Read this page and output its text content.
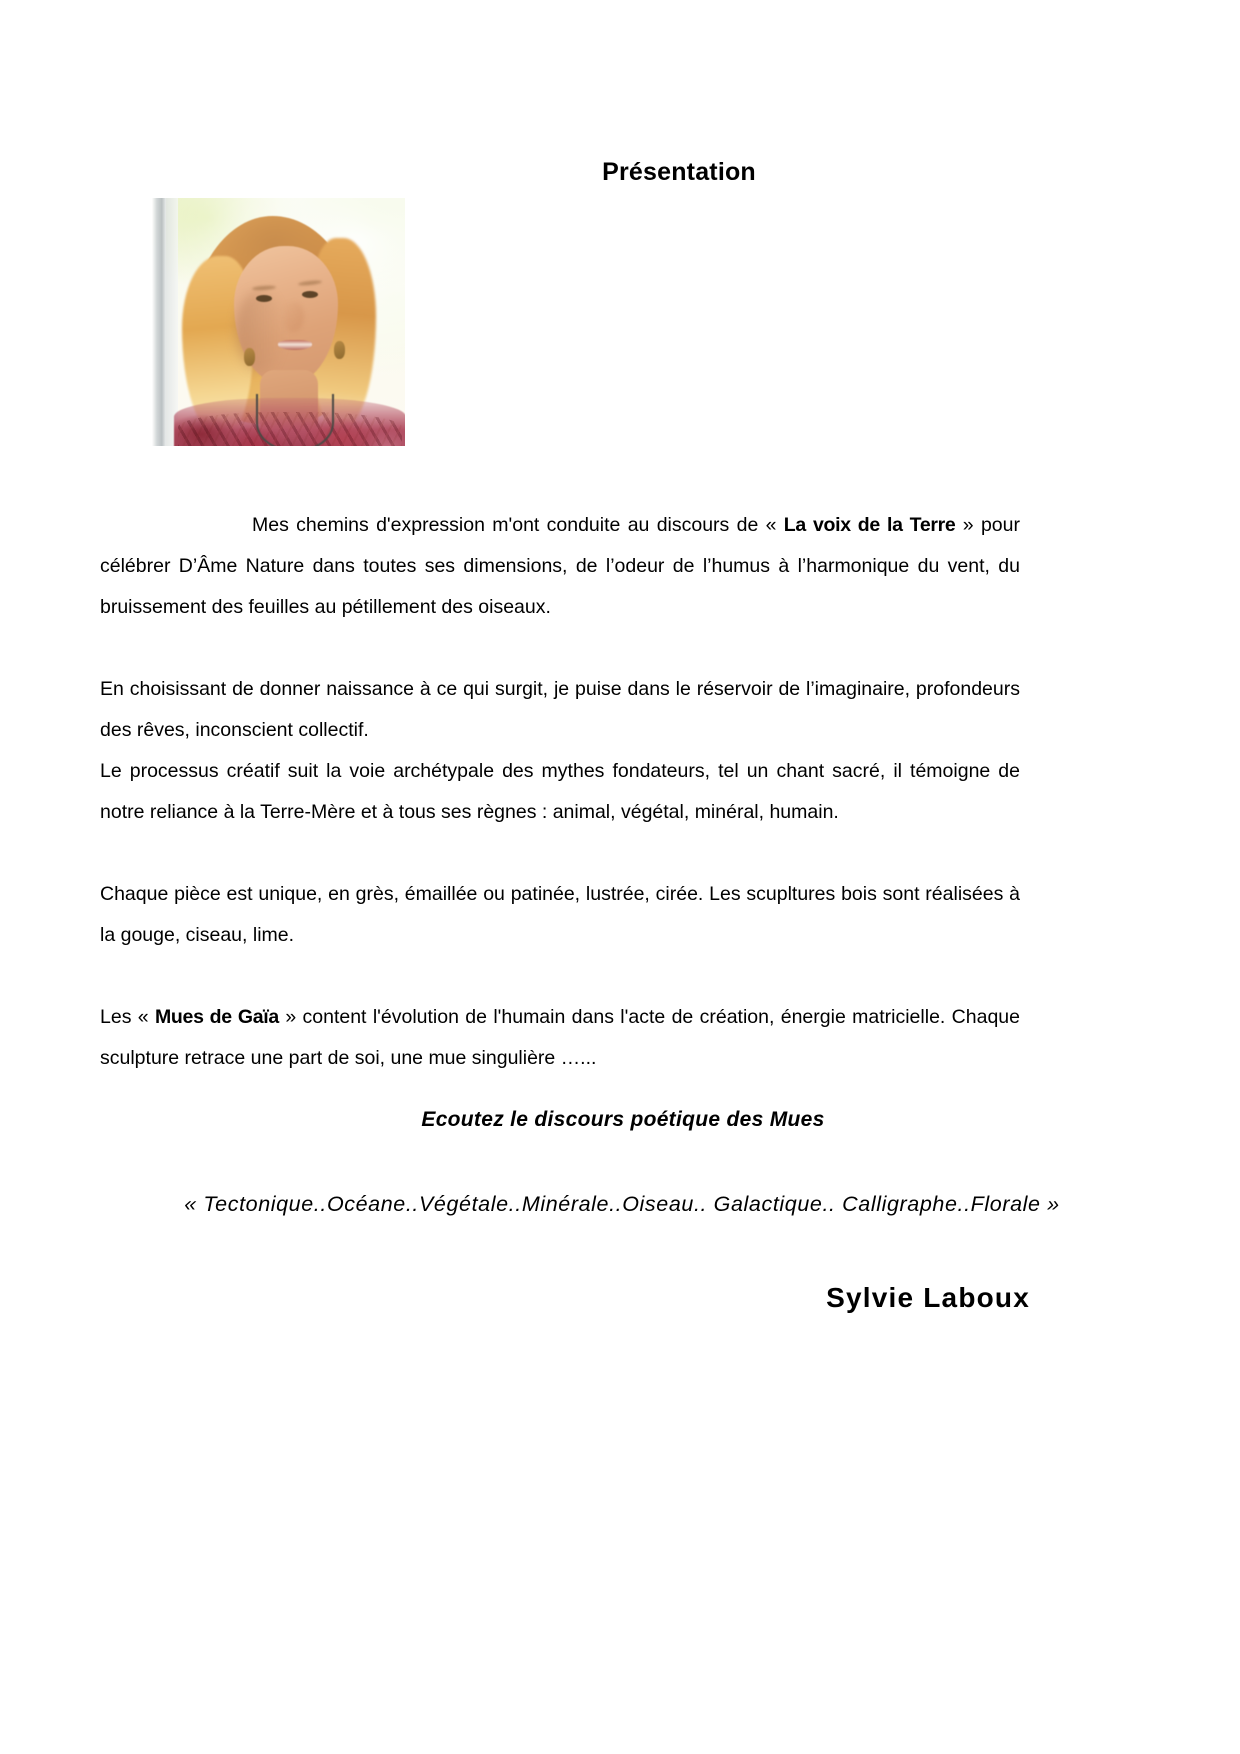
Présentation

Mes chemins d'expression m'ont conduite au discours de « La voix de la Terre » pour célébrer D’Âme Nature dans toutes ses dimensions, de l’odeur de l’humus à l’harmonique du vent, du bruissement des feuilles au pétillement des oiseaux.

En choisissant de donner naissance à ce qui surgit, je puise dans le réservoir de l’imaginaire, profondeurs des rêves, inconscient collectif.

Le processus créatif suit la voie archétypale des mythes fondateurs, tel un chant sacré, il témoigne de notre reliance à la Terre-Mère et à tous ses règnes : animal, végétal, minéral, humain.

Chaque pièce est unique, en grès, émaillée ou patinée, lustrée, cirée. Les scupltures bois sont réalisées à la gouge, ciseau, lime.

Les « Mues de Gaïa » content l'évolution de l'humain dans l'acte de création, énergie matricielle. Chaque sculpture retrace une part de soi, une mue singulière …...

Ecoutez le discours poétique des Mues
« Tectonique..Océane..Végétale..Minérale..Oiseau.. Galactique.. Calligraphe..Florale »
Sylvie Laboux
